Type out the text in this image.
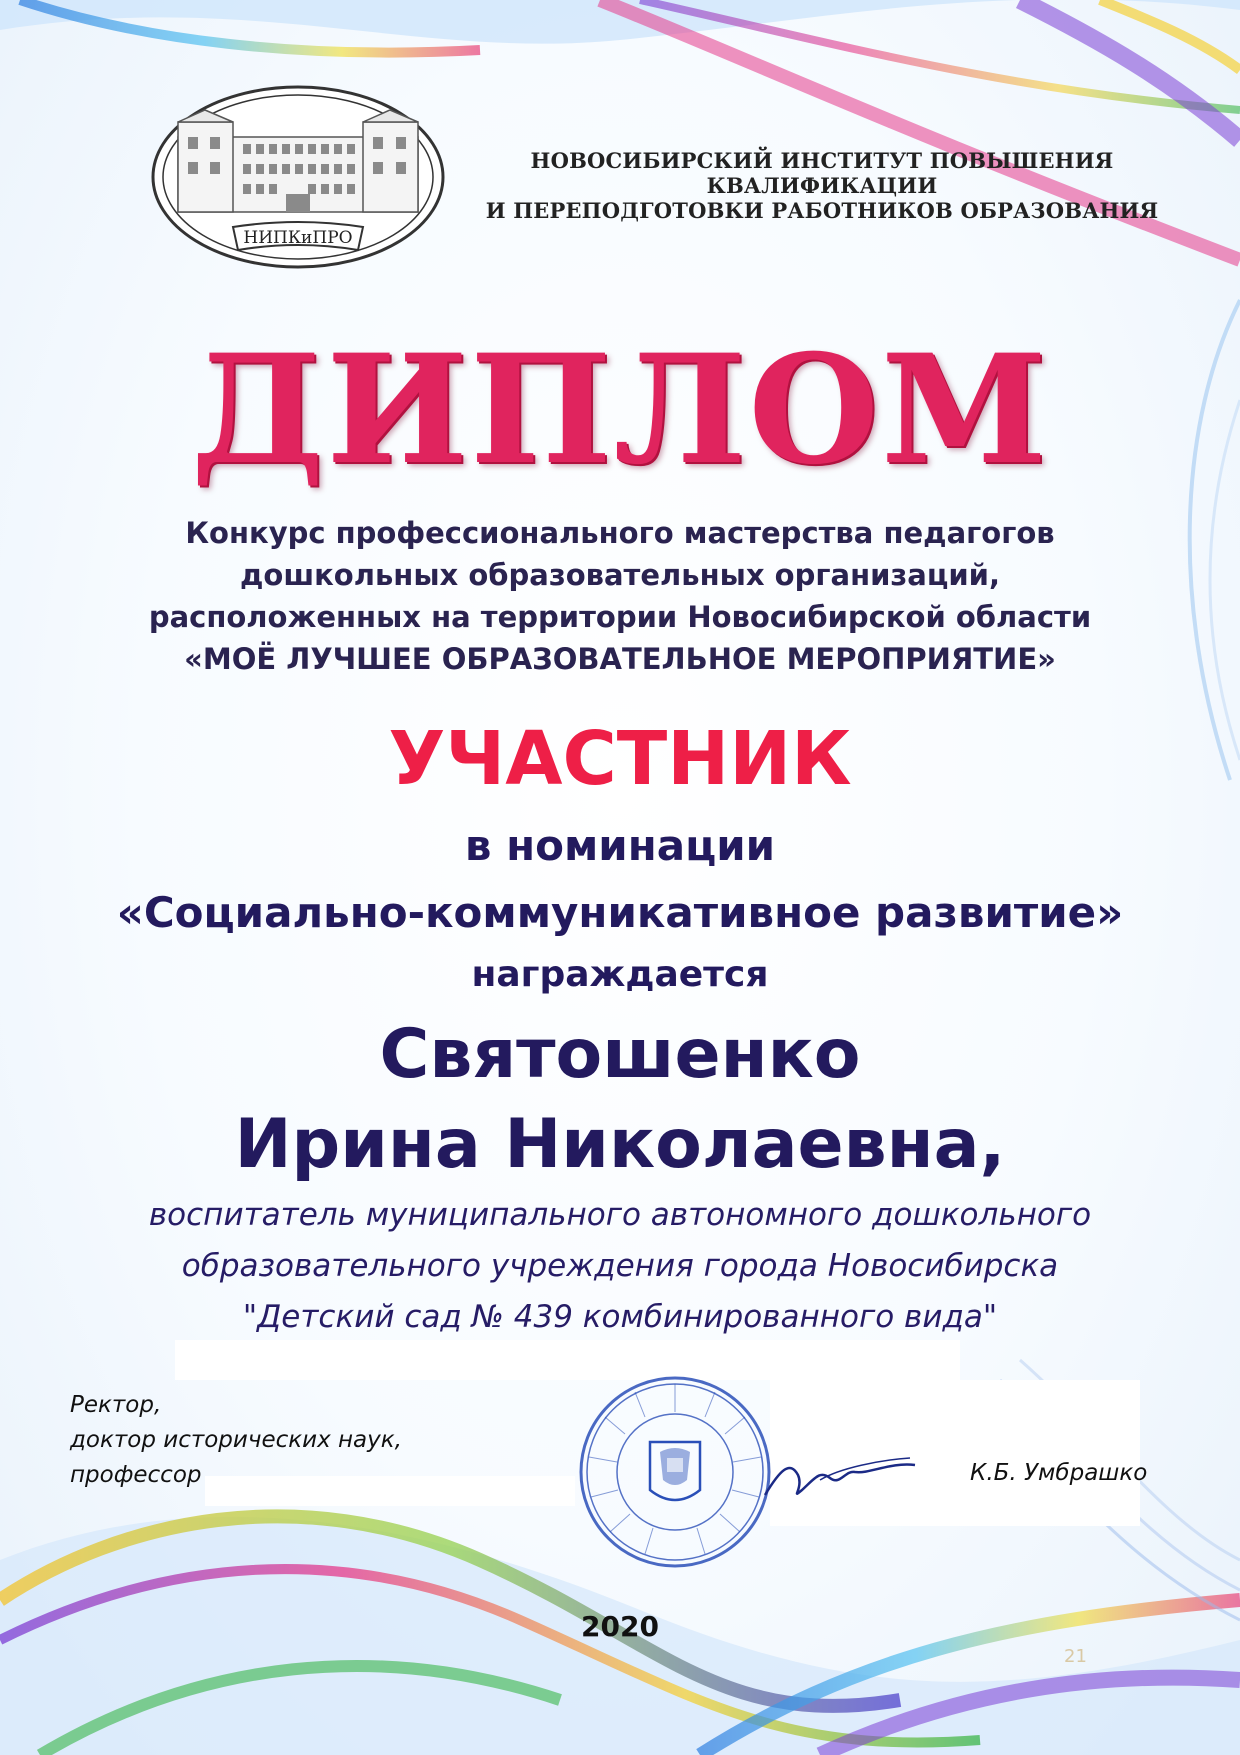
НИПКиПРО
НОВОСИБИРСКИЙ ИНСТИТУТ ПОВЫШЕНИЯ КВАЛИФИКАЦИИ
И ПЕРЕПОДГОТОВКИ РАБОТНИКОВ ОБРАЗОВАНИЯ
ДИПЛОМ
Конкурс профессионального мастерства педагогов
дошкольных образовательных организаций,
расположенных на территории Новосибирской области
«МОЁ ЛУЧШЕЕ ОБРАЗОВАТЕЛЬНОЕ МЕРОПРИЯТИЕ»
УЧАСТНИК
в номинации
«Социально-коммуникативное развитие»
награждается
Святошенко
Ирина Николаевна,
воспитатель муниципального автономного дошкольного
образовательного учреждения города Новосибирска
"Детский сад № 439 комбинированного вида"
Ректор,
доктор исторических наук,
профессор	К.Б. Умбрашко
2020
21
